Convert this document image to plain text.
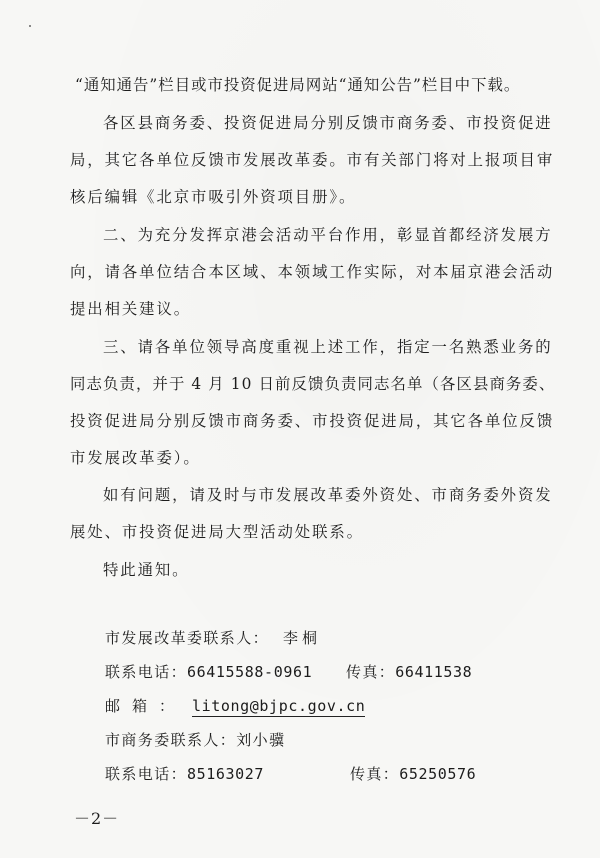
“通知通告”栏目或市投资促进局网站“通知公告”栏目中下载。
各区县商务委、投资促进局分别反馈市商务委、市投资促进
局，其它各单位反馈市发展改革委。市有关部门将对上报项目审
核后编辑《北京市吸引外资项目册》。
二、为充分发挥京港会活动平台作用，彰显首都经济发展方
向，请各单位结合本区域、本领域工作实际，对本届京港会活动
提出相关建议。
三、请各单位领导高度重视上述工作，指定一名熟悉业务的
同志负责，并于 4 月 10 日前反馈负责同志名单（各区县商务委、
投资促进局分别反馈市商务委、市投资促进局，其它各单位反馈
市发展改革委）。
如有问题，请及时与市发展改革委外资处、市商务委外资发
展处、市投资促进局大型活动处联系。
特此通知。
市发展改革委联系人： 李桐
联系电话：66415588-0961 传真：66411538
邮箱： litong@bjpc.gov.cn
市商务委联系人：刘小骥
联系电话：85163027	传真：65250576
－2－
